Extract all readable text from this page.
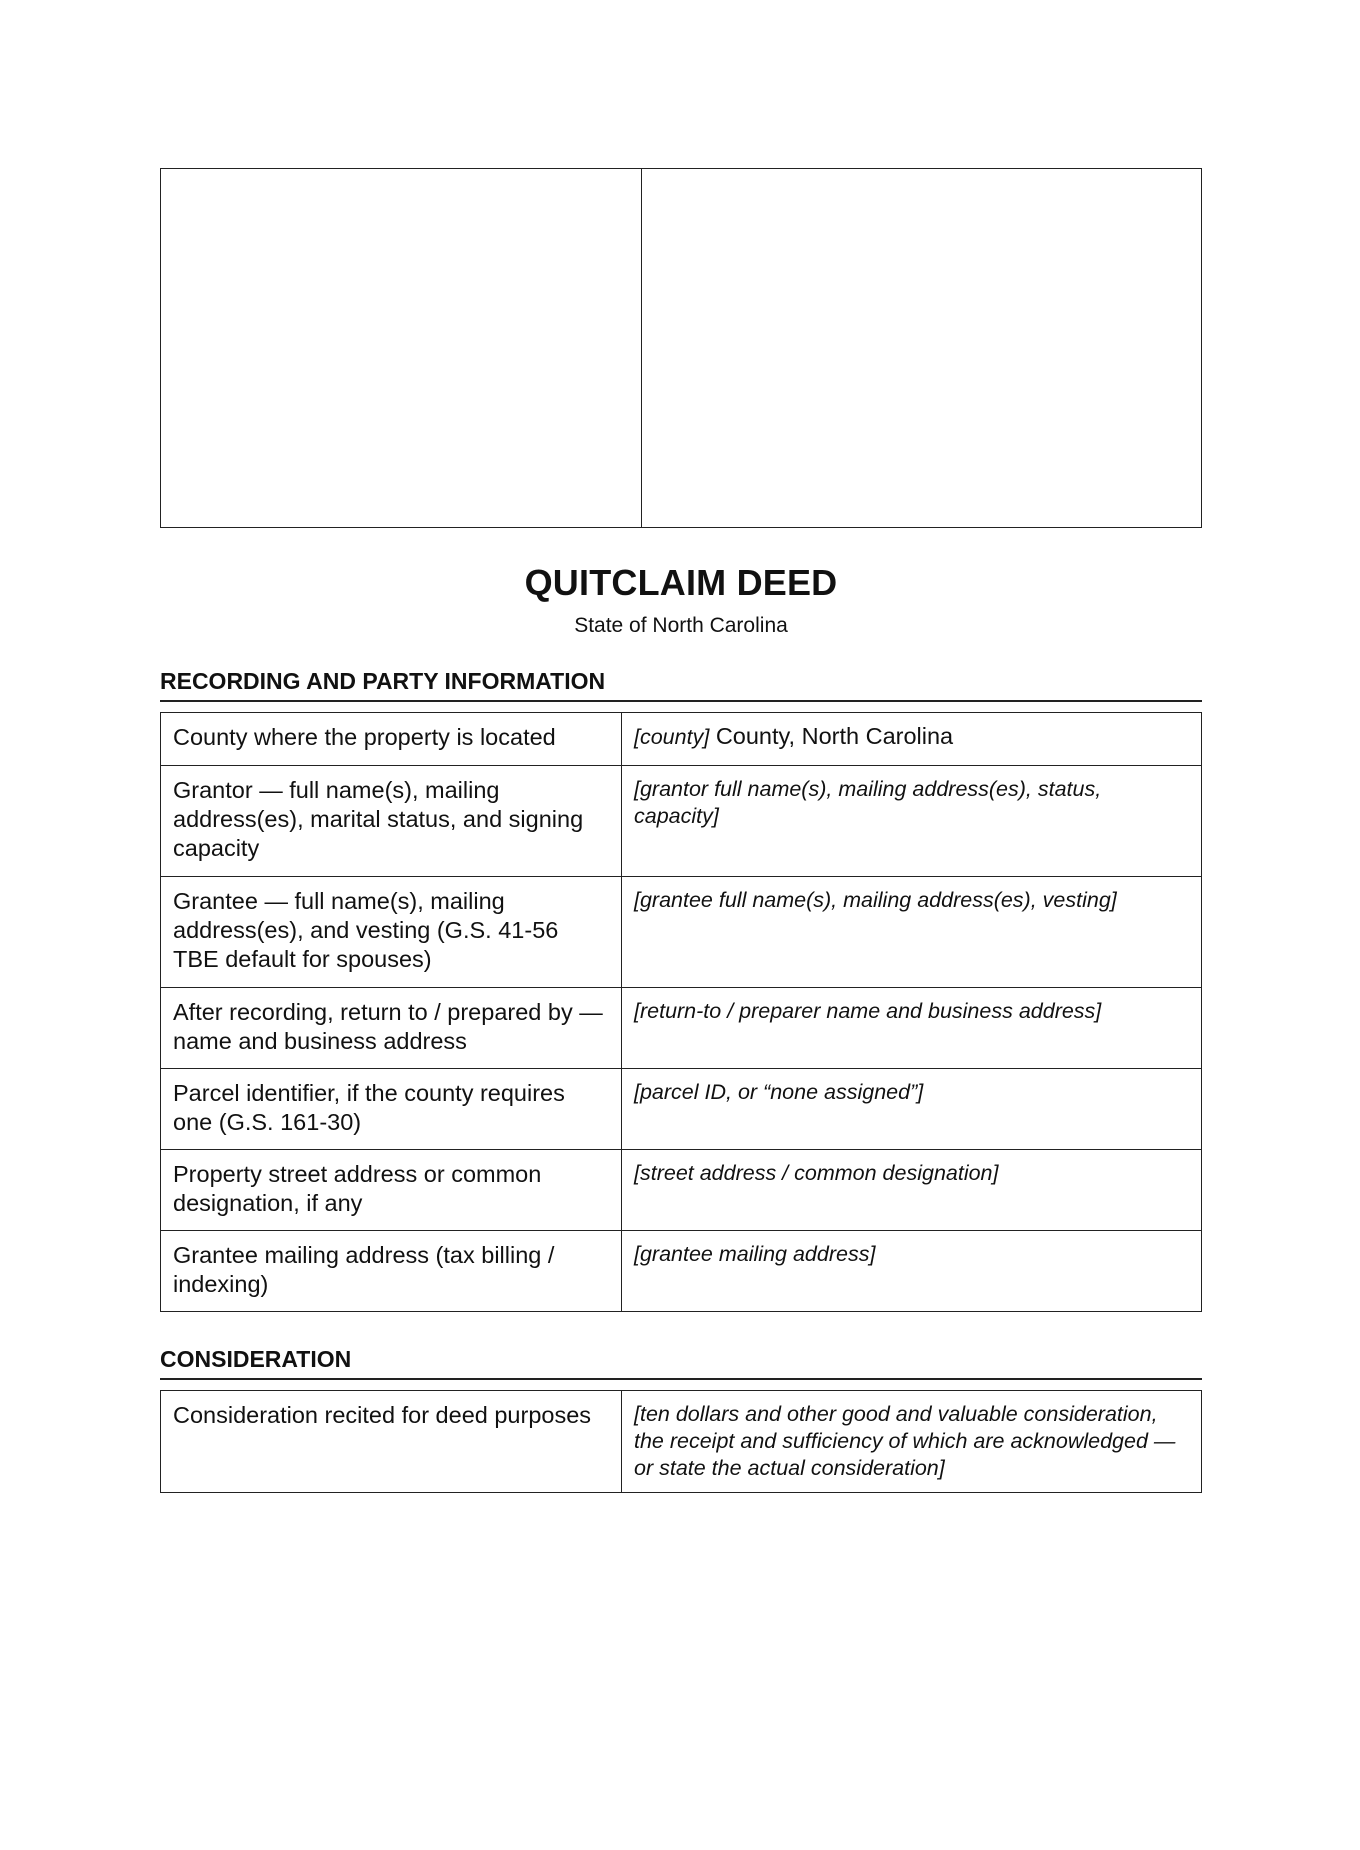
QUITCLAIM DEED
State of North Carolina
RECORDING AND PARTY INFORMATION
County where the property is located	[county] County, North Carolina
Grantor — full name(s), mailing address(es), marital status, and signing capacity	[grantor full name(s), mailing address(es), status, capacity]
Grantee — full name(s), mailing address(es), and vesting (G.S. 41-56 TBE default for spouses)	[grantee full name(s), mailing address(es), vesting]
After recording, return to / prepared by — name and business address	[return-to / preparer name and business address]
Parcel identifier, if the county requires one (G.S. 161-30)	[parcel ID, or “none assigned”]
Property street address or common designation, if any	[street address / common designation]
Grantee mailing address (tax billing / indexing)	[grantee mailing address]
CONSIDERATION
Consideration recited for deed purposes	[ten dollars and other good and valuable consideration, the receipt and sufficiency of which are acknowledged — or state the actual consideration]
